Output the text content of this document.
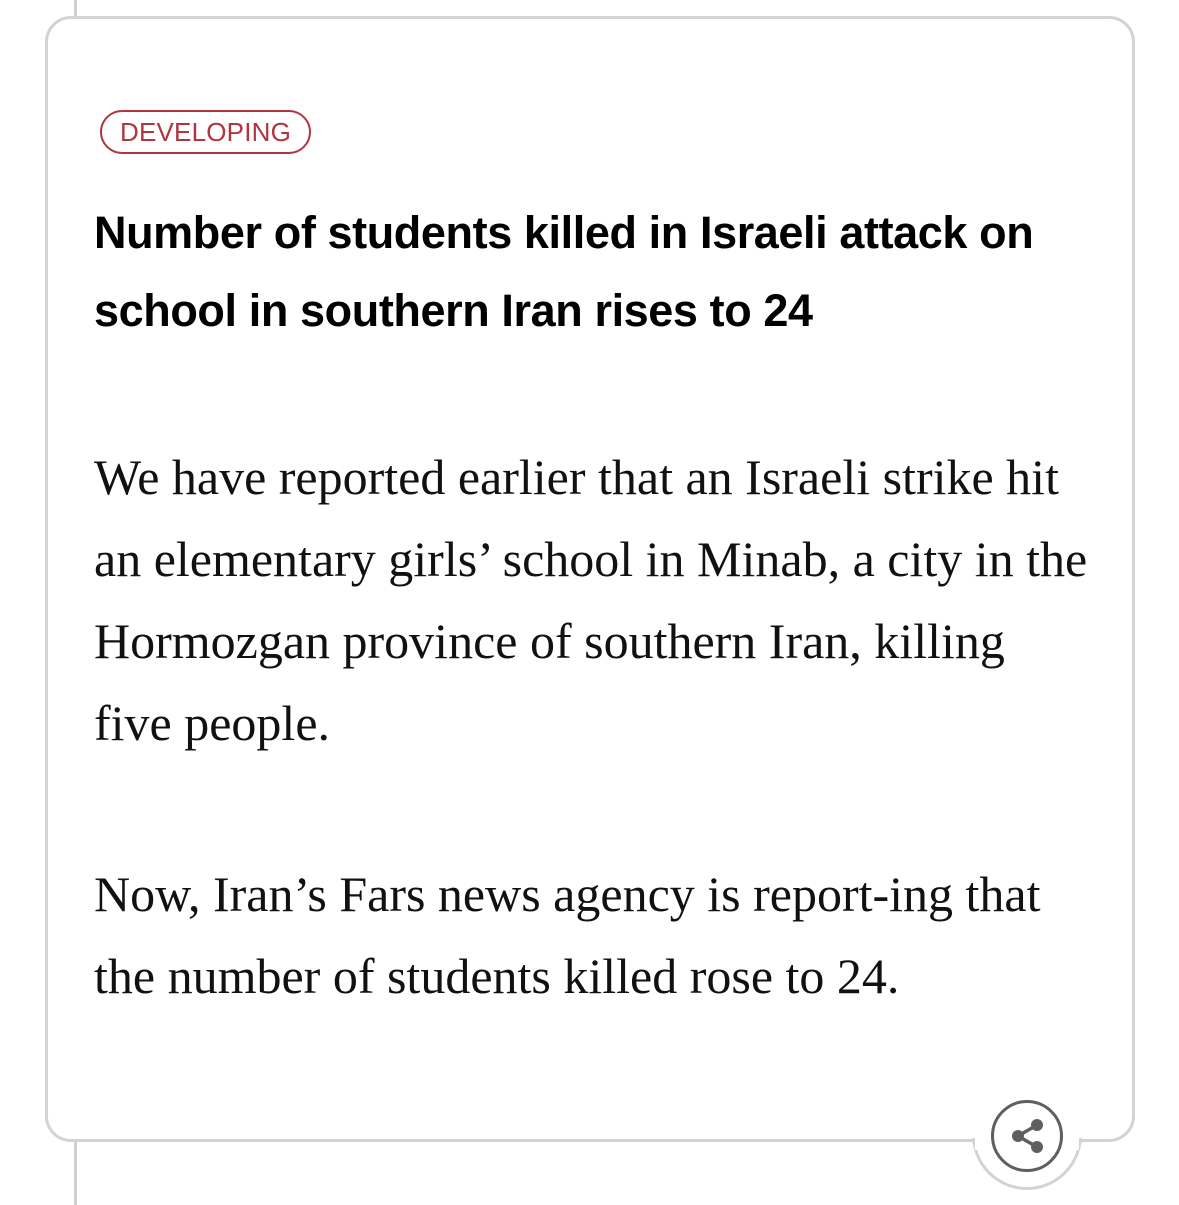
DEVELOPING
Number of students killed in Israeli attack on school in southern Iran rises to 24

We have reported earlier that an Israeli strike hit an elementary girls’ school in Minab, a city in the Hormozgan province of southern Iran, killing five people.

Now, Iran’s Fars news agency is report-ing that the number of students killed rose to 24.
